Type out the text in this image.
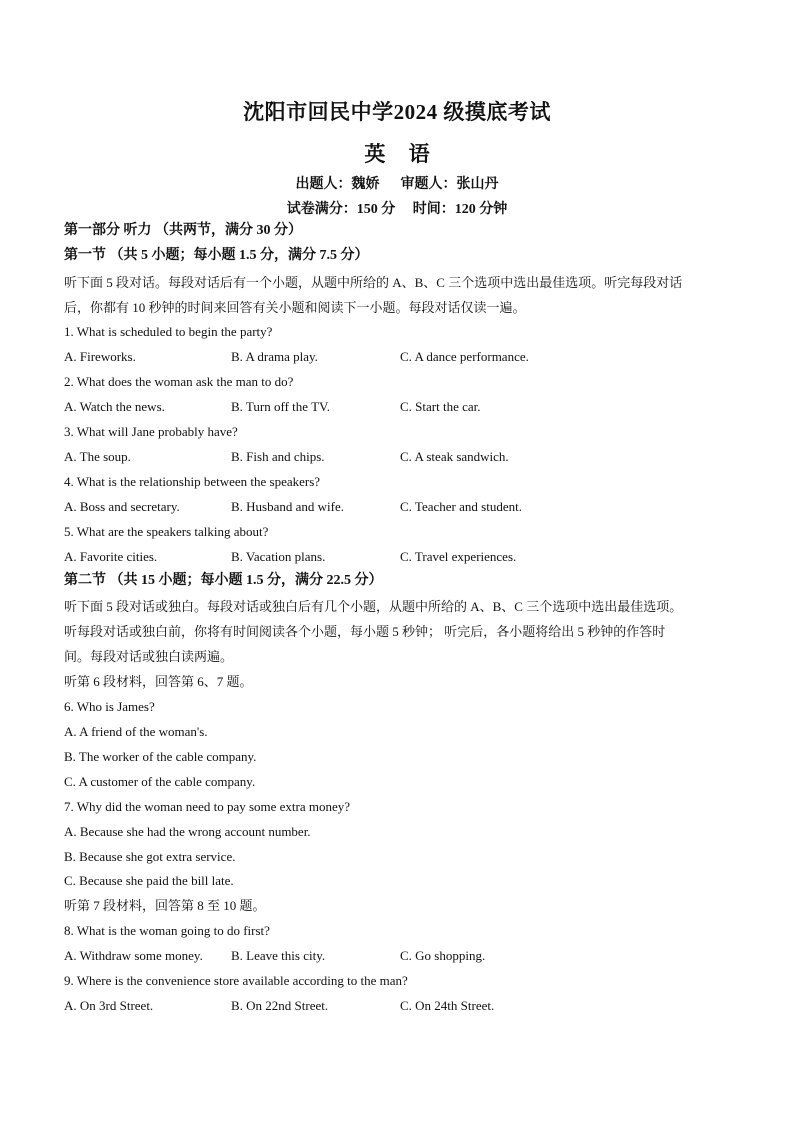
沈阳市回民中学2024 级摸底考试
英 语
出题人：魏娇      审题人：张山丹
试卷满分：150 分     时间：120 分钟
第一部分 听力 （共两节，满分 30 分）
第一节 （共 5 小题；每小题 1.5 分，满分 7.5 分）
听下面 5 段对话。每段对话后有一个小题，从题中所给的 A、B、C 三个选项中选出最佳选项。听完每段对话
后，你都有 10 秒钟的时间来回答有关小题和阅读下一小题。每段对话仅读一遍。
1. What is scheduled to begin the party?
A. Fireworks.	B. A drama play.	C. A dance performance.
2. What does the woman ask the man to do?
A. Watch the news.	B. Turn off the TV.	C. Start the car.
3. What will Jane probably have?
A. The soup.	B. Fish and chips.	C. A steak sandwich.
4. What is the relationship between the speakers?
A. Boss and secretary.	B. Husband and wife.	C. Teacher and student.
5. What are the speakers talking about?
A. Favorite cities.	B. Vacation plans.	C. Travel experiences.
第二节 （共 15 小题；每小题 1.5 分，满分 22.5 分）
听下面 5 段对话或独白。每段对话或独白后有几个小题，从题中所给的 A、B、C 三个选项中选出最佳选项。
听每段对话或独白前，你将有时间阅读各个小题，每小题 5 秒钟； 听完后，各小题将给出 5 秒钟的作答时
间。每段对话或独白读两遍。
听第 6 段材料，回答第 6、7 题。
6. Who is James?
A. A friend of the woman's.
B. The worker of the cable company.
C. A customer of the cable company.
7. Why did the woman need to pay some extra money?
A. Because she had the wrong account number.
B. Because she got extra service.
C. Because she paid the bill late.
听第 7 段材料，回答第 8 至 10 题。
8. What is the woman going to do first?
A. Withdraw some money. B. Leave this city.	C. Go shopping.
9. Where is the convenience store available according to the man?
A. On 3rd Street.	B. On 22nd Street.	C. On 24th Street.
